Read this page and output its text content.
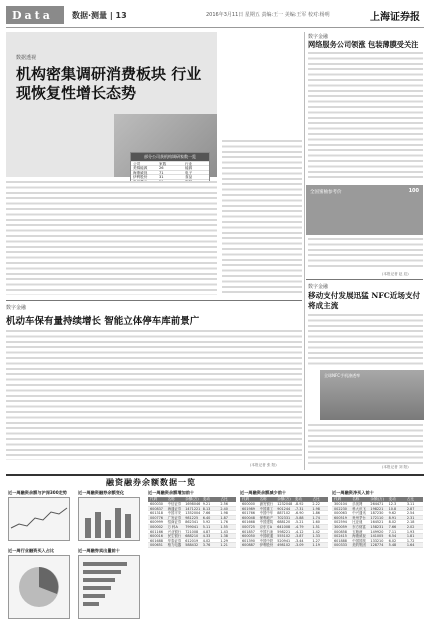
Data	数据·测量 | 13	2016年3月11日 星期五 责编:王一 美编:王军 校对:杨明	上海证券报
数据透视
机构密集调研消费板块 行业现恢复性增长态势
部分公司获机构调研家数一览
公司	家数	行业
美锦能源	26	能源
海康威视	71	电子
伊利股份	31	食品
数字金融
机动车保有量持续增长 智能立体停车库前景广
(本报记者 张 阳)
数字金融
网络服务公司领涨 包装薄膜受关注
全国蜜柚参考价	100
(本报记者 赵 辰)
数字金融
移动支付发展迅猛 NFC近场支付将成主流
全球NFC手机渗透率
(本报记者 刘 阳)
融资融券余额数据一览
近一周融资余额与沪深300走势	近一周融资融券余额变化
近一周行业融资买入占比	近一周融券卖出量前十
近一周融资余额增加前十
代码	名称	余额(万)	变动	占比
600030	中信证券	1698046 9.21	2.56
600837	海通证券	1471221 8.13	2.40
601318	中国平安	1352004 7.66	1.98
000776	广发证券	981225	6.40	1.87
600999	招商证券	862341	5.92	1.76
000002	万 科A	799041	5.11	1.55
601166	兴业银行	721008	4.87	1.43
600016	民生银行	688210	4.33	1.38
601688	华泰证券	612019	4.02	1.29
000651	格力电器	588432	3.76	1.21
近一周融资余额减少前十
代码	名称	余额(万)	变动	占比
600000	浦发银行	1232048 -8.92	2.22
601989	中国重工	901244	-7.31	1.98
601766	中国中车	887102	-6.90	1.86
600048	保利地产	702331	-5.88	1.74
601668	中国建筑	688120	-5.21	1.60
000725	京东方A	641008	-4.79	1.51
601857	中国石油	598221	-4.12	1.42
600050	中国联通	555102	-3.87	1.33
601390	中国中铁	520941	-3.44	1.27
600887	伊利股份	498102	-3.09	1.19
近一周融资净买入前十
代码	名称	余额(万)	变动	占比
300104	乐视网	264471	12.3	3.11
002230	科大讯飞	198221	10.8	2.87
000063	中兴通讯	187230	9.62	2.54
600519	贵州茅台	172110	8.91	2.31
002594	比亚迪	164521	8.02	2.18
300059	东方财富	158231	7.66	2.02
000858	五粮液	149920	7.11	1.93
002415	海康威视	141005	6.54	1.81
601888	中国国旅	133210	6.02	1.72
000333	美的集团	128774	5.48	1.64
